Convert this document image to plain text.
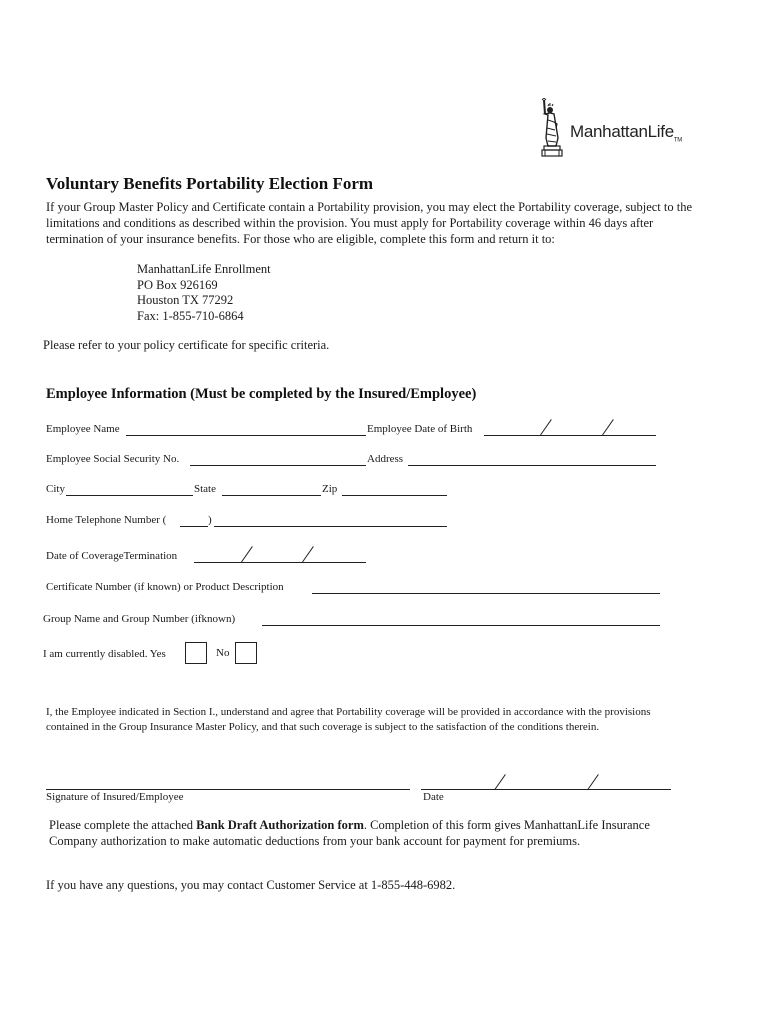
ManhattanLife$_{TM}$
Voluntary Benefits Portability Election Form

If your Group Master Policy and Certificate contain a Portability provision, you may elect the Portability coverage, subject to the limitations and conditions as described within the provision. You must apply for Portability coverage within 46 days after termination of your insurance benefits. For those who are eligible, complete this form and return it to:

ManhattanLife Enrollment
PO Box 926169
Houston TX 77292
Fax: 1-855-710-6864
Please refer to your policy certificate for specific criteria.
Employee Information (Must be completed by the Insured/Employee)
Employee Name	Employee Date of Birth
Employee Social Security No.	Address
City	State	Zip
Home Telephone Number (	)
Date of CoverageTermination
Certificate Number (if known) or Product Description
Group Name and Group Number (ifknown)
I am currently disabled. Yes	No

I, the Employee indicated in Section I., understand and agree that Portability coverage will be provided in accordance with the provisions contained in the Group Insurance Master Policy, and that such coverage is subject to the satisfaction of the conditions therein.

Signature of Insured/Employee	Date

Please complete the attached Bank Draft Authorization form. Completion of this form gives ManhattanLife Insurance Company authorization to make automatic deductions from your bank account for payment for premiums.

If you have any questions, you may contact Customer Service at 1-855-448-6982.
